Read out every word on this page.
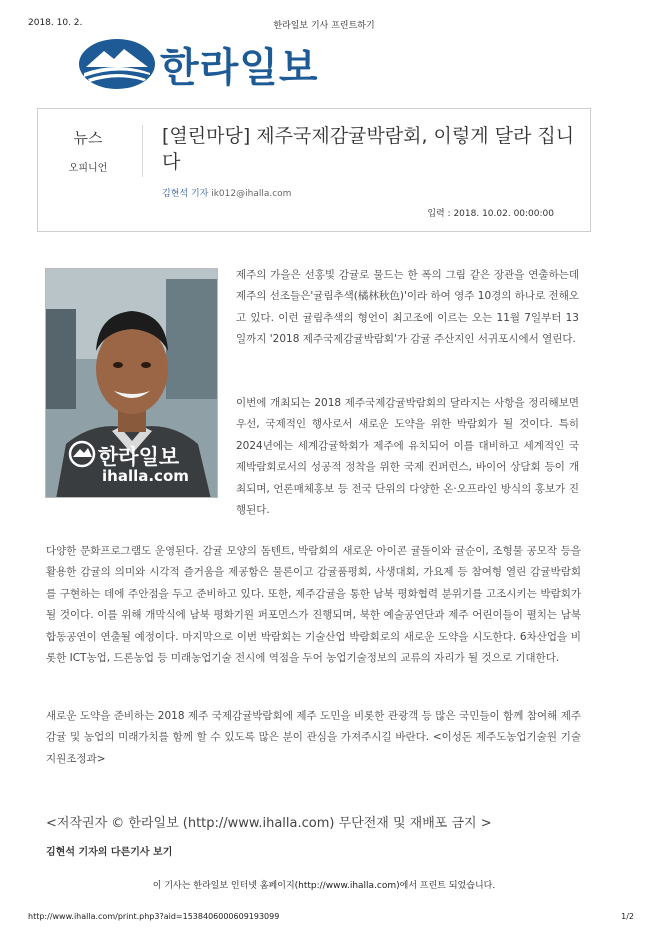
2018. 10. 2.	한라일보 기사 프린트하기
한라일보
뉴스
오피니언
[열린마당] 제주국제감귤박람회, 이렇게 달라 집니다
김현석 기자 ik012@ihalla.com
입력 : 2018. 10.02. 00:00:00
한라일보
ihalla.com
제주의 가을은 선홍빛 감귤로 물드는 한 폭의 그림 같은 장관을 연출하는데 제주의 선조들은'귤림추색(橘林秋色)'이라 하여 영주 10경의 하나로 전해오고 있다. 이런 귤림추색의 형언이 최고조에 이르는 오는 11월 7일부터 13일까지 '2018 제주국제감귤박람회'가 감귤 주산지인 서귀포시에서 열린다.
이번에 개최되는 2018 제주국제감귤박람회의 달라지는 사항을 정리해보면 우선, 국제적인 행사로서 새로운 도약을 위한 박람회가 될 것이다. 특히 2024년에는 세계감귤학회가 제주에 유치되어 이를 대비하고 세계적인 국제박람회로서의 성공적 정착을 위한 국제 컨퍼런스, 바이어 상담회 등이 개최되며, 언론매체홍보 등 전국 단위의 다양한 온·오프라인 방식의 홍보가 진행된다.
다양한 문화프로그램도 운영된다. 감귤 모양의 돔텐트, 박람회의 새로운 아이콘 귤돌이와 귤순이, 조형물 공모작 등을 활용한 감귤의 의미와 시각적 즐거움을 제공함은 물론이고 감귤품평회, 사생대회, 가요제 등 참여형 열린 감귤박람회를 구현하는 데에 주안점을 두고 준비하고 있다. 또한, 제주감귤을 통한 남북 평화협력 분위기를 고조시키는 박람회가 될 것이다. 이를 위해 개막식에 남북 평화기원 퍼포먼스가 진행되며, 북한 예술공연단과 제주 어린이들이 펼치는 남북 합동공연이 연출될 예정이다. 마지막으로 이번 박람회는 기술산업 박람회로의 새로운 도약을 시도한다. 6차산업을 비롯한 ICT농업, 드론농업 등 미래농업기술 전시에 역점을 두어 농업기술정보의 교류의 자리가 될 것으로 기대한다.
새로운 도약을 준비하는 2018 제주 국제감귤박람회에 제주 도민을 비롯한 관광객 등 많은 국민들이 함께 참여해 제주 감귤 및 농업의 미래가치를 함께 할 수 있도록 많은 분이 관심을 가져주시길 바란다. <이성돈 제주도농업기술원 기술지원조정과>
<저작권자 © 한라일보 (http://www.ihalla.com) 무단전재 및 재배포 금지 >
김현석 기자의 다른기사 보기
이 기사는 한라일보 인터넷 홈페이지(http://www.ihalla.com)에서 프린트 되었습니다.
http://www.ihalla.com/print.php3?aid=1538406000609193099	1/2
